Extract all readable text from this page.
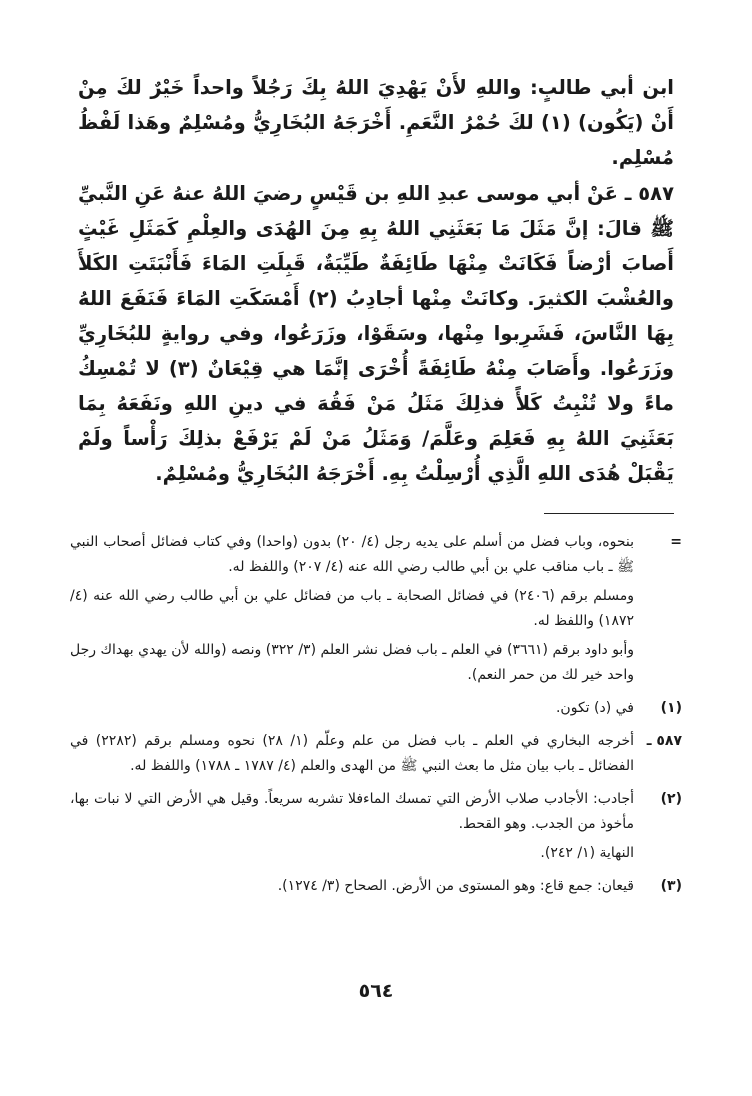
ابن أبي طالبٍ: واللهِ لأَنْ يَهْدِيَ اللهُ بِكَ رَجُلاً واحداً خَيْرٌ لكَ مِنْ أَنْ (يَكُون) (١) لكَ حُمْرُ النَّعَمِ. أَخْرَجَهُ البُخَارِيُّ ومُسْلِمٌ وهَذا لَفْظُ مُسْلِم.

٥٨٧ ـ عَنْ أبي موسى عبدِ اللهِ بن قَيْسٍ رضيَ اللهُ عنهُ عَنِ النَّبيِّ ﷺ قالَ: إنَّ مَثَلَ مَا بَعَثَنِي اللهُ بِهِ مِنَ الهُدَى والعِلْمِ كَمَثَلِ غَيْثٍ أَصابَ أرْضاً فَكَانَتْ مِنْهَا طَائِفَةٌ طَيِّبَةٌ، قَبِلَتِ المَاءَ فَأَنْبَتَتِ الكَلأَ والعُشْبَ الكثيرَ. وكانَتْ مِنْها أجادِبُ (٢) أَمْسَكَتِ المَاءَ فَنَفَعَ اللهُ بِهَا النَّاسَ، فَشَرِبوا مِنْها، وسَقَوْا، وزَرَعُوا، وفي روايةٍ للبُخَارِيِّ وزَرَعُوا. وأَصَابَ مِنْهُ طَائِفَةً أُخْرَى إنَّمَا هي قِيْعَانٌ (٣) لا تُمْسِكُ ماءً ولا تُنْبِتُ كَلأً فذلِكَ مَثَلُ مَنْ فَقُهَ في دينِ اللهِ ونَفَعَهُ بِمَا بَعَثَنِيَ اللهُ بِهِ فَعَلِمَ وعَلَّمَ/ وَمَثَلُ مَنْ لَمْ يَرْفَعْ بذلِكَ رَأْساً ولَمْ يَقْبَلْ هُدَى اللهِ الَّذِي أُرْسِلْتُ بِهِ. أَخْرَجَهُ البُخَارِيُّ ومُسْلِمٌ.

=

بنحوه، وباب فضل من أسلم على يديه رجل (٤/ ٢٠) بدون (واحدا) وفي كتاب فضائل أصحاب النبي ﷺ ـ باب مناقب علي بن أبي طالب رضي الله عنه (٤/ ٢٠٧) واللفظ له.

ومسلم برقم (٢٤٠٦) في فضائل الصحابة ـ باب من فضائل علي بن أبي طالب رضي الله عنه (٤/ ١٨٧٢) واللفظ له.

وأبو داود برقم (٣٦٦١) في العلم ـ باب فضل نشر العلم (٣/ ٣٢٢) ونصه (والله لأن يهدي بهداك رجل واحد خير لك من حمر النعم).

(١)

في (د) تكون.

٥٨٧ ـ

أخرجه البخاري في العلم ـ باب فضل من علم وعلّم (١/ ٢٨) نحوه ومسلم برقم (٢٢٨٢) في الفضائل ـ باب بيان مثل ما بعث النبي ﷺ من الهدى والعلم (٤/ ١٧٨٧ ـ ١٧٨٨) واللفظ له.

(٢)

أجادب: الأجادب صلاب الأرض التي تمسك الماءفلا تشربه سريعاً. وقيل هي الأرض التي لا نبات بها، مأخوذ من الجدب. وهو القحط.

النهاية (١/ ٢٤٢).

(٣)

قيعان: جمع قاع: وهو المستوى من الأرض. الصحاح (٣/ ١٢٧٤).

٥٦٤
